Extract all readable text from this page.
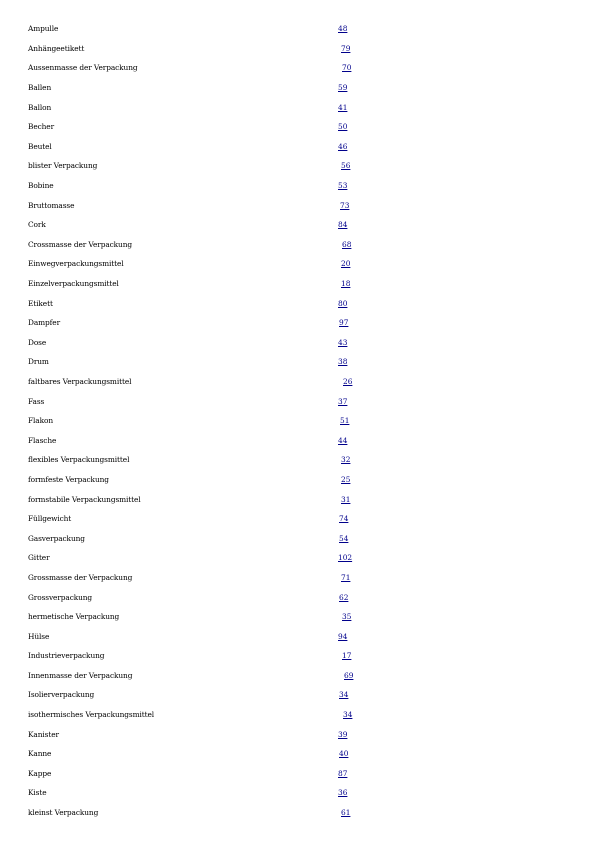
Ampulle	48
Anhängeetikett	79
Aussenmasse der Verpackung	70
Ballen	59
Ballon	41
Becher	50
Beutel	46
blister Verpackung	56
Bobine	53
Bruttomasse	73
Cork	84
Crossmasse der Verpackung	68
Einwegverpackungsmittel	20
Einzelverpackungsmittel	18
Etikett	80
Dampfer	97
Dose	43
Drum	38
faltbares Verpackungsmittel	26
Fass	37
Flakon	51
Flasche	44
flexibles Verpackungsmittel	32
formfeste Verpackung	25
formstabile Verpackungsmittel	31
Füllgewicht	74
Gasverpackung	54
Gitter	102
Grossmasse der Verpackung	71
Grossverpackung	62
hermetische Verpackung	35
Hülse	94
Industrieverpackung	17
Innenmasse der Verpackung	69
Isolierverpackung	34
isothermisches Verpackungsmittel	34
Kanister	39
Kanne	40
Kappe	87
Kiste	36
kleinst Verpackung	61
